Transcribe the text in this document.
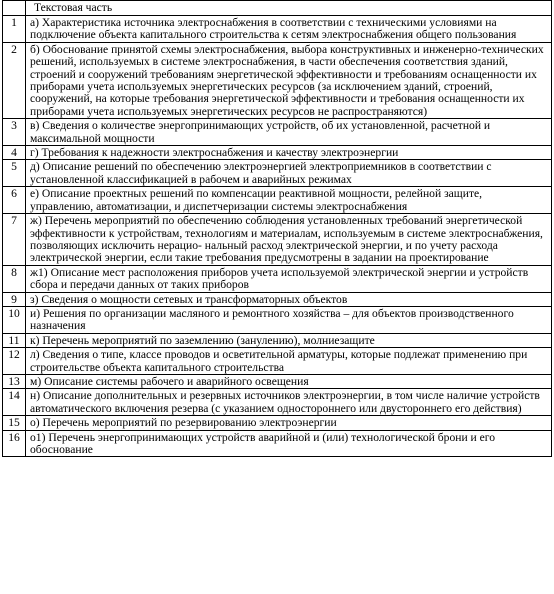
	Текстовая часть
1	а) Характеристика источника электроснабжения в соответствии с техническими условиями на подключение объекта капитального строительства к сетям электроснабжения общего пользования
2	б) Обоснование принятой схемы электроснабжения, выбора конструктивных и инженерно-технических решений, используемых в системе электроснабжения, в части обеспечения соответствия зданий, строений и сооружений требованиям энергетической эффективности и требованиям оснащенности их приборами учета используемых энергетических ресурсов (за исключением зданий, строений, сооружений, на которые требования энергетической эффективности и требования оснащенности их приборами учета используемых энергетических ресурсов не распространяются)
3	в) Сведения о количестве энергопринимающих устройств, об их установленной, расчетной и максимальной мощности
4	г) Требования к надежности электроснабжения и качеству электроэнергии
5	д) Описание решений по обеспечению электроэнергией электроприемников в соответствии с установленной классификацией в рабочем и аварийных режимах
6	е) Описание проектных решений по компенсации реактивной мощности, релейной защите, управлению, автоматизации, и диспетчеризации системы электроснабжения
7	ж) Перечень мероприятий по обеспечению соблюдения установленных требований энергетической эффективности к устройствам, технологиям и материалам, используемым в системе электроснабжения, позволяющих исключить нерацио- нальный расход электрической энергии, и по учету расхода электрической энергии, если такие требования предусмотрены в задании на проектирование
8	ж1) Описание мест расположения приборов учета используемой электрической энергии и устройств сбора и передачи данных от таких приборов
9	з) Сведения о мощности сетевых и трансформаторных объектов
10	и) Решения по организации масляного и ремонтного хозяйства – для объектов производственного назначения
11	к) Перечень мероприятий по заземлению (занулению), молниезащите
12	л) Сведения о типе, классе проводов и осветительной арматуры, которые подлежат применению при строительстве объекта капитального строительства
13	м) Описание системы рабочего и аварийного освещения
14	н) Описание дополнительных и резервных источников электроэнергии, в том числе наличие устройств автоматического включения резерва (с указанием одностороннего или двустороннего его действия)
15	о) Перечень мероприятий по резервированию электроэнергии
16	о1) Перечень энергопринимающих устройств аварийной и (или) технологической брони и его обоснование
